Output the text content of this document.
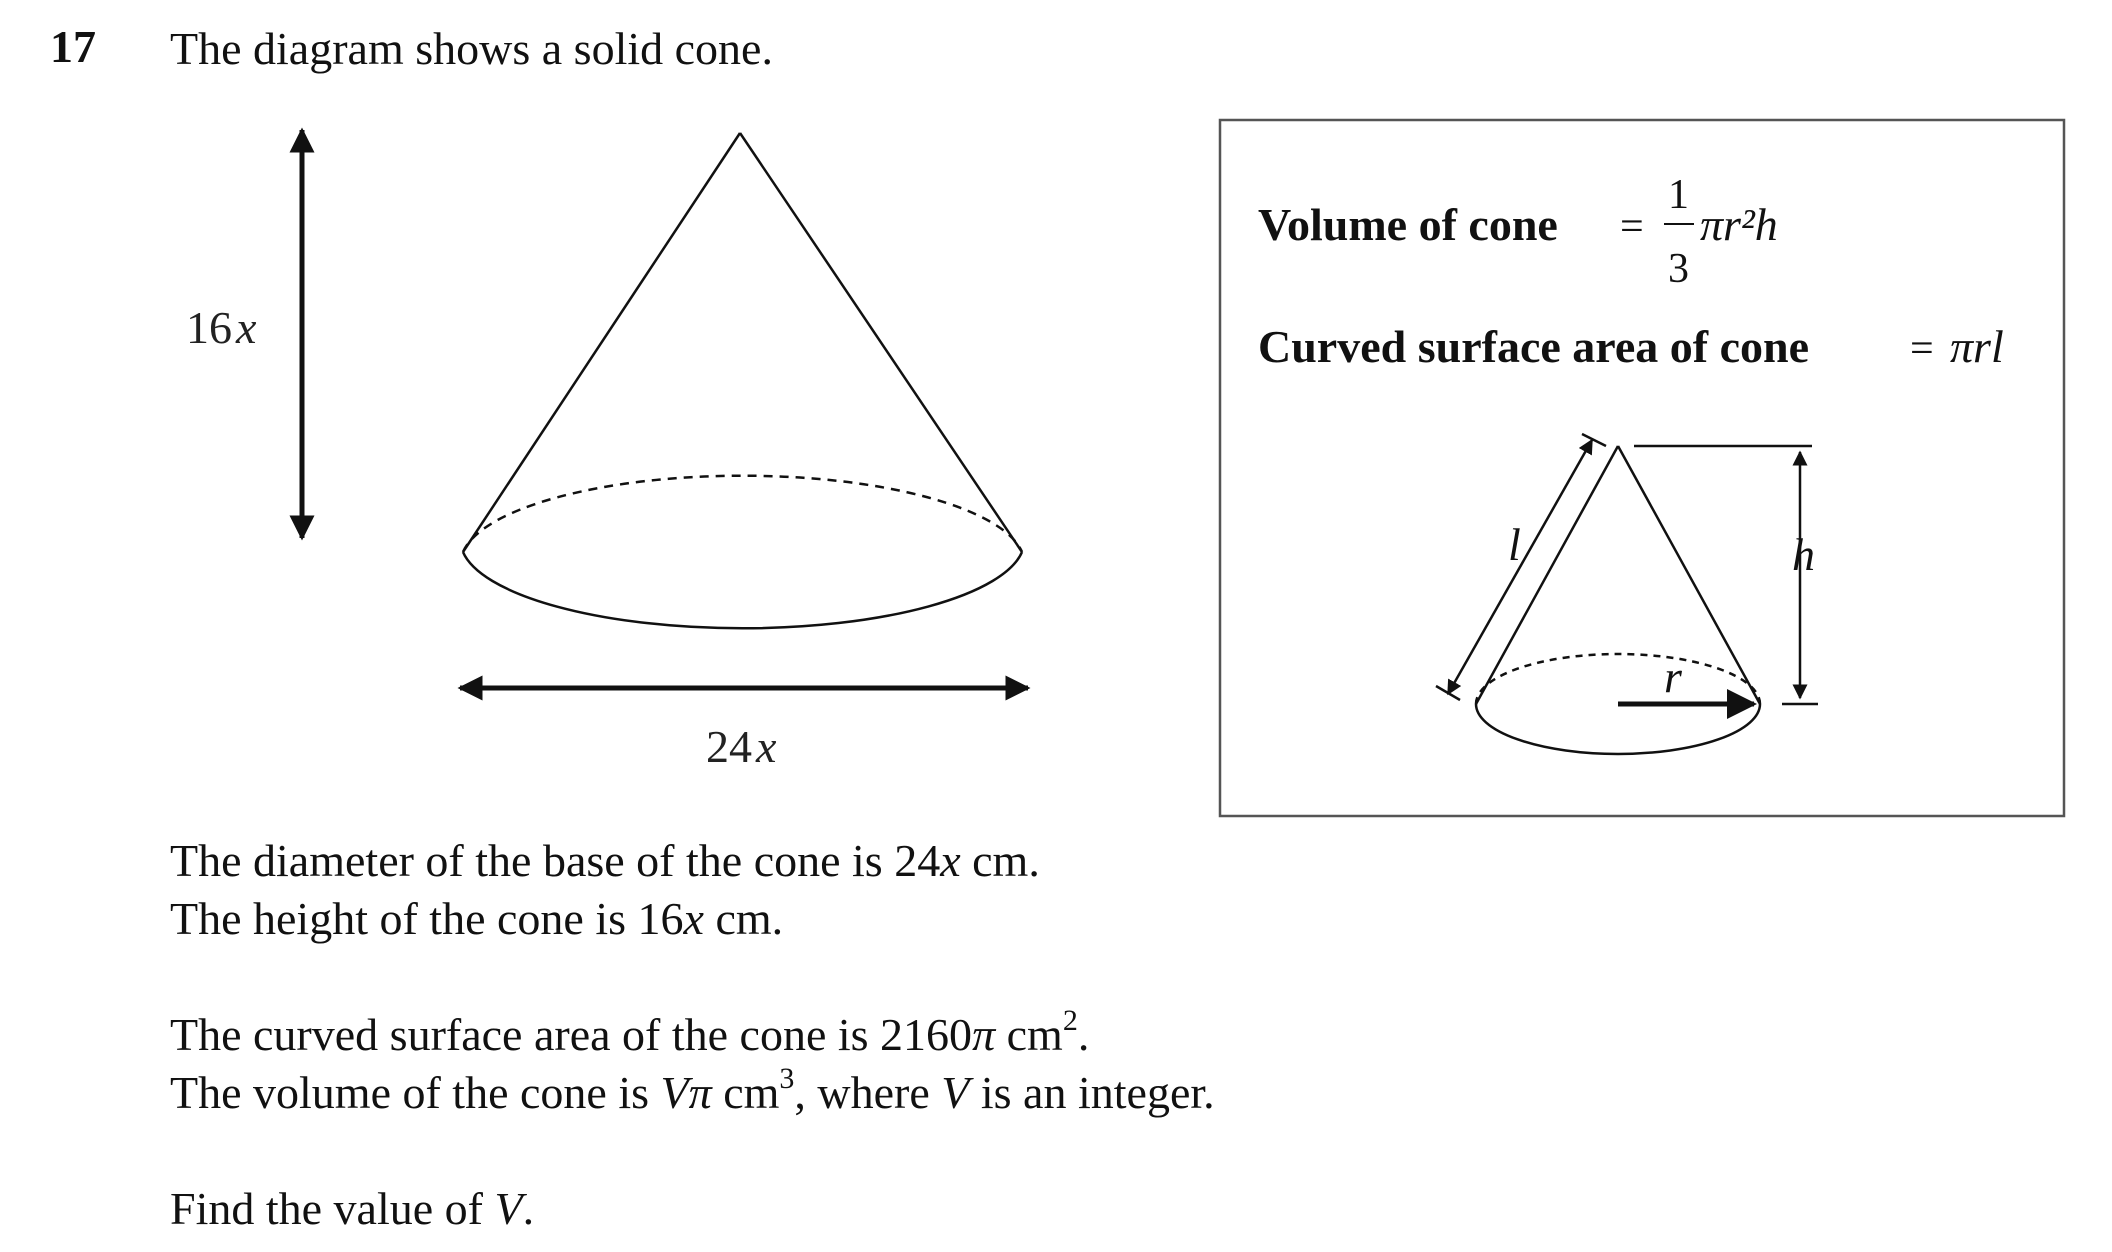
17 The diagram shows a solid cone.
16x
24x
Volume of cone =
1
3
πr²h
Curved surface area of cone = πrl
l	h
r
The diameter of the base of the cone is 24x cm.
The height of the cone is 16x cm.
The curved surface area of the cone is 2160π $cm^2$.
The volume of the cone is Vπ $cm^3$, where V is an integer.
Find the value of V.
